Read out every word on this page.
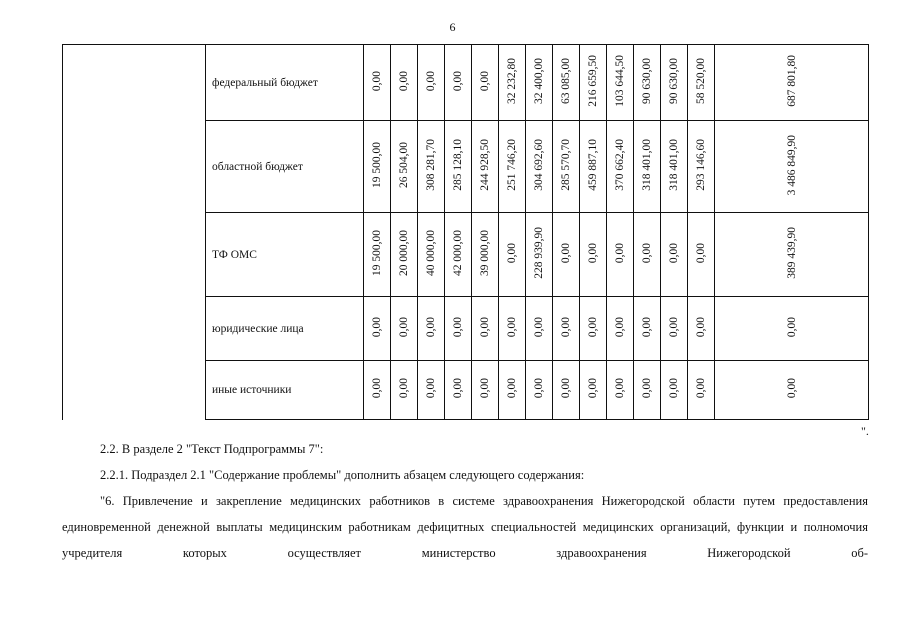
6
	федеральный бюджет	0,00	0,00	0,00	0,00	0,00	32 232,80	32 400,00	63 085,00	216 659,50	103 644,50	90 630,00	90 630,00	58 520,00	687 801,80
	областной бюджет	19 500,00	26 504,00	308 281,70	285 128,10	244 928,50	251 746,20	304 692,60	285 570,70	459 887,10	370 662,40	318 401,00	318 401,00	293 146,60	3 486 849,90
	ТФ ОМС	19 500,00	20 000,00	40 000,00	42 000,00	39 000,00	0,00	228 939,90	0,00	0,00	0,00	0,00	0,00	0,00	389 439,90
	юридические лица	0,00	0,00	0,00	0,00	0,00	0,00	0,00	0,00	0,00	0,00	0,00	0,00	0,00	0,00
	иные источники	0,00	0,00	0,00	0,00	0,00	0,00	0,00	0,00	0,00	0,00	0,00	0,00	0,00	0,00
".
2.2. В разделе 2 "Текст Подпрограммы 7":
2.2.1. Подраздел 2.1 "Содержание проблемы" дополнить абзацем следующего содержания:
"6. Привлечение и закрепление медицинских работников в системе здравоохранения Нижегородской области путем предоставления единовременной денежной выплаты медицинским работникам дефицитных специальностей медицинских организаций, функции и полномочия учредителя которых осуществляет министерство здравоохранения Нижегородской об-
